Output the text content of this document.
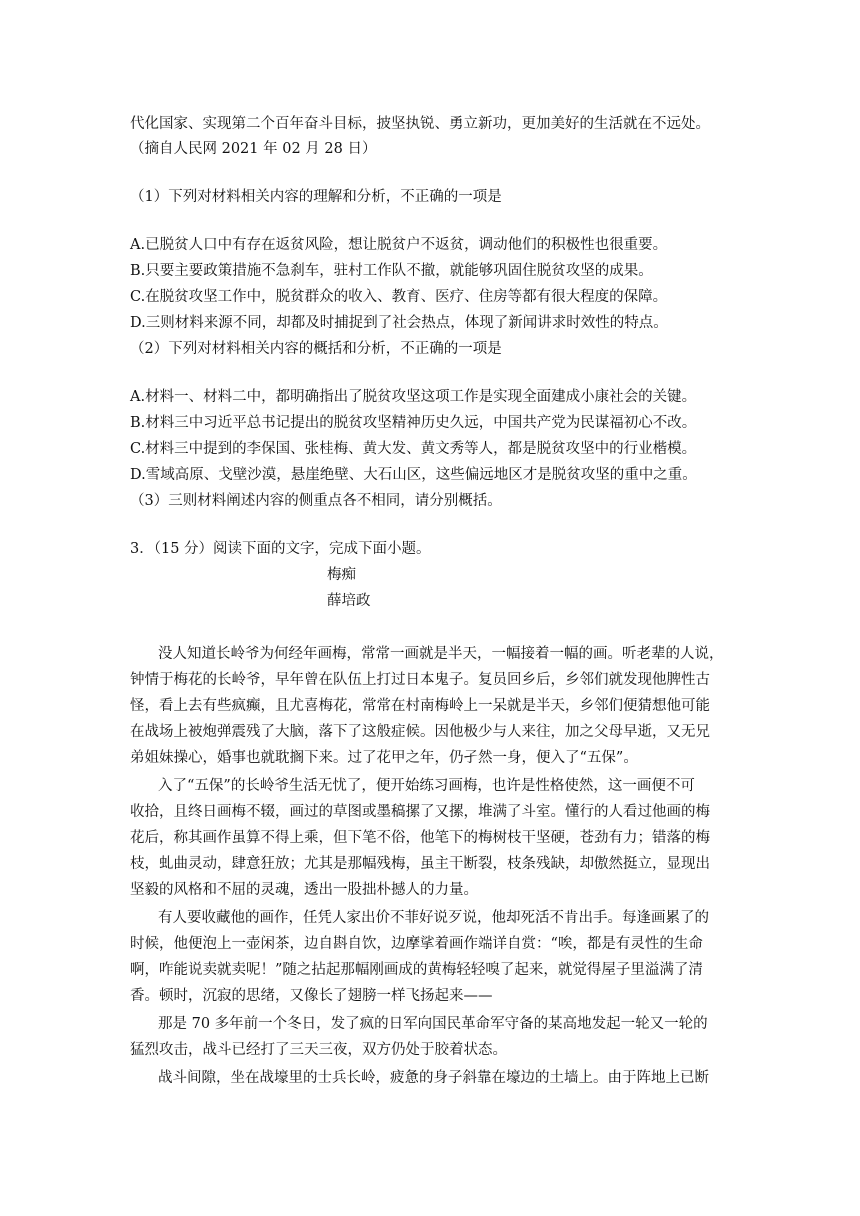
代化国家、实现第二个百年奋斗目标，披坚执锐、勇立新功，更加美好的生活就在不远处。
（摘自人民网 2021 年 02 月 28 日）
（1）下列对材料相关内容的理解和分析，不正确的一项是
A.已脱贫人口中有存在返贫风险，想让脱贫户不返贫，调动他们的积极性也很重要。
B.只要主要政策措施不急刹车，驻村工作队不撤，就能够巩固住脱贫攻坚的成果。
C.在脱贫攻坚工作中，脱贫群众的收入、教育、医疗、住房等都有很大程度的保障。
D.三则材料来源不同，却都及时捕捉到了社会热点，体现了新闻讲求时效性的特点。
（2）下列对材料相关内容的概括和分析，不正确的一项是
A.材料一、材料二中，都明确指出了脱贫攻坚这项工作是实现全面建成小康社会的关键。
B.材料三中习近平总书记提出的脱贫攻坚精神历史久远，中国共产党为民谋福初心不改。
C.材料三中提到的李保国、张桂梅、黄大发、黄文秀等人，都是脱贫攻坚中的行业楷模。
D.雪域高原、戈壁沙漠，悬崖绝壁、大石山区，这些偏远地区才是脱贫攻坚的重中之重。
（3）三则材料阐述内容的侧重点各不相同，请分别概括。
3．（15 分）阅读下面的文字，完成下面小题。
梅痴
薛培政
没人知道长岭爷为何经年画梅，常常一画就是半天，一幅接着一幅的画。听老辈的人说，
钟情于梅花的长岭爷，早年曾在队伍上打过日本鬼子。复员回乡后，乡邻们就发现他脾性古
怪，看上去有些疯癫，且尤喜梅花，常常在村南梅岭上一呆就是半天，乡邻们便猜想他可能
在战场上被炮弹震残了大脑，落下了这般症候。因他极少与人来往，加之父母早逝，又无兄
弟姐妹操心，婚事也就耽搁下来。过了花甲之年，仍孑然一身，便入了“五保”。
入了“五保”的长岭爷生活无忧了，便开始练习画梅，也许是性格使然，这一画便不可
收拾，且终日画梅不辍，画过的草图或墨稿摞了又摞，堆满了斗室。懂行的人看过他画的梅
花后，称其画作虽算不得上乘，但下笔不俗，他笔下的梅树枝干坚硬，苍劲有力；错落的梅
枝，虬曲灵动，肆意狂放；尤其是那幅残梅，虽主干断裂，枝条残缺，却傲然挺立，显现出
坚毅的风格和不屈的灵魂，透出一股拙朴撼人的力量。
有人要收藏他的画作，任凭人家出价不菲好说歹说，他却死活不肯出手。每逢画累了的
时候，他便泡上一壶闲茶，边自斟自饮，边摩挲着画作端详自赏：“唉，都是有灵性的生命
啊，咋能说卖就卖呢！”随之拈起那幅刚画成的黄梅轻轻嗅了起来，就觉得屋子里溢满了清
香。顿时，沉寂的思绪，又像长了翅膀一样飞扬起来——
那是 70 多年前一个冬日，发了疯的日军向国民革命军守备的某高地发起一轮又一轮的
猛烈攻击，战斗已经打了三天三夜，双方仍处于胶着状态。
战斗间隙，坐在战壕里的士兵长岭，疲惫的身子斜靠在壕边的土墙上。由于阵地上已断
